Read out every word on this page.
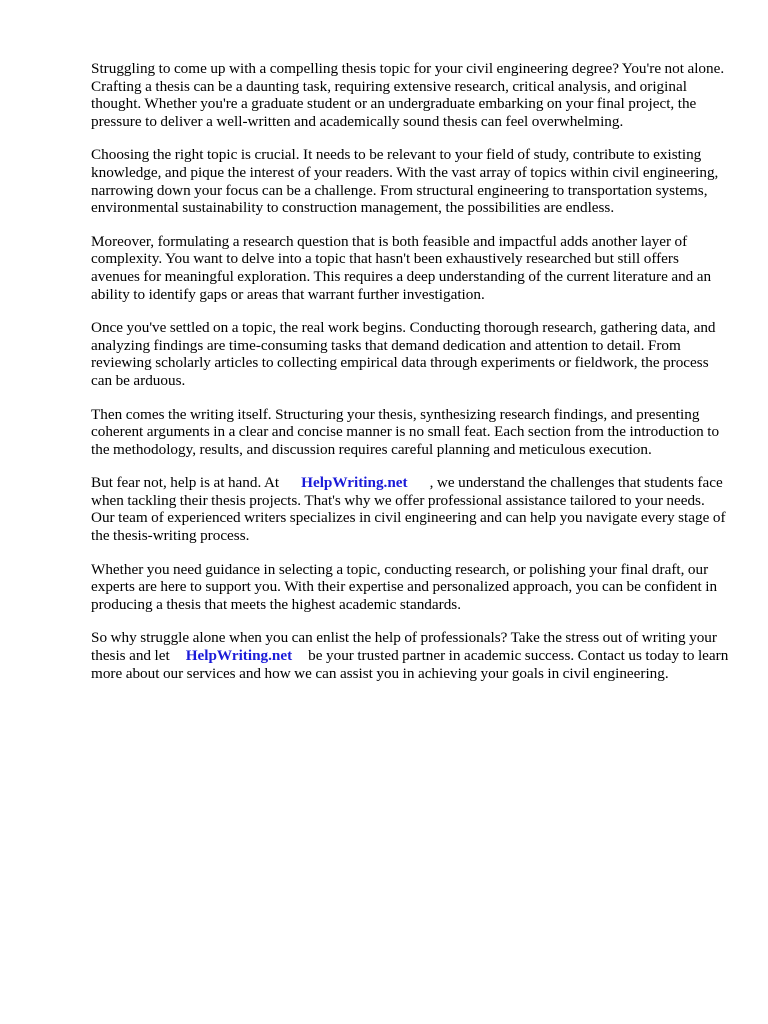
Struggling to come up with a compelling thesis topic for your civil engineering degree? You're not alone. Crafting a thesis can be a daunting task, requiring extensive research, critical analysis, and original thought. Whether you're a graduate student or an undergraduate embarking on your final project, the pressure to deliver a well-written and academically sound thesis can feel overwhelming.

Choosing the right topic is crucial. It needs to be relevant to your field of study, contribute to existing knowledge, and pique the interest of your readers. With the vast array of topics within civil engineering, narrowing down your focus can be a challenge. From structural engineering to transportation systems, environmental sustainability to construction management, the possibilities are endless.

Moreover, formulating a research question that is both feasible and impactful adds another layer of complexity. You want to delve into a topic that hasn't been exhaustively researched but still offers avenues for meaningful exploration. This requires a deep understanding of the current literature and an ability to identify gaps or areas that warrant further investigation.

Once you've settled on a topic, the real work begins. Conducting thorough research, gathering data, and analyzing findings are time-consuming tasks that demand dedication and attention to detail. From reviewing scholarly articles to collecting empirical data through experiments or fieldwork, the process can be arduous.

Then comes the writing itself. Structuring your thesis, synthesizing research findings, and presenting coherent arguments in a clear and concise manner is no small feat. Each section from the introduction to the methodology, results, and discussion requires careful planning and meticulous execution.

But fear not, help is at hand. At HelpWriting.net , we understand the challenges that students face when tackling their thesis projects. That's why we offer professional assistance tailored to your needs. Our team of experienced writers specializes in civil engineering and can help you navigate every stage of the thesis-writing process.

Whether you need guidance in selecting a topic, conducting research, or polishing your final draft, our experts are here to support you. With their expertise and personalized approach, you can be confident in producing a thesis that meets the highest academic standards.

So why struggle alone when you can enlist the help of professionals? Take the stress out of writing your thesis and let HelpWriting.net be your trusted partner in academic success. Contact us today to learn more about our services and how we can assist you in achieving your goals in civil engineering.
